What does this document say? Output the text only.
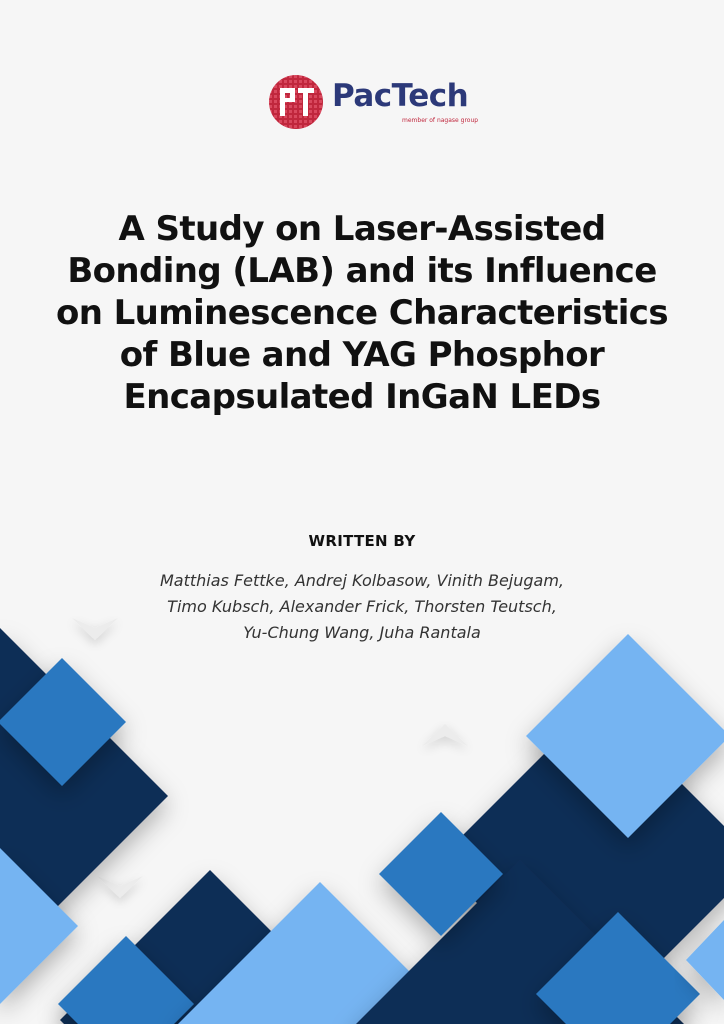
PacTech
member of nagase group
A Study on Laser-Assisted Bonding (LAB) and its Influence on Luminescence Characteristics of Blue and YAG Phosphor Encapsulated InGaN LEDs
WRITTEN BY
Matthias Fettke, Andrej Kolbasow, Vinith Bejugam,
Timo Kubsch, Alexander Frick, Thorsten Teutsch,
Yu-Chung Wang, Juha Rantala
